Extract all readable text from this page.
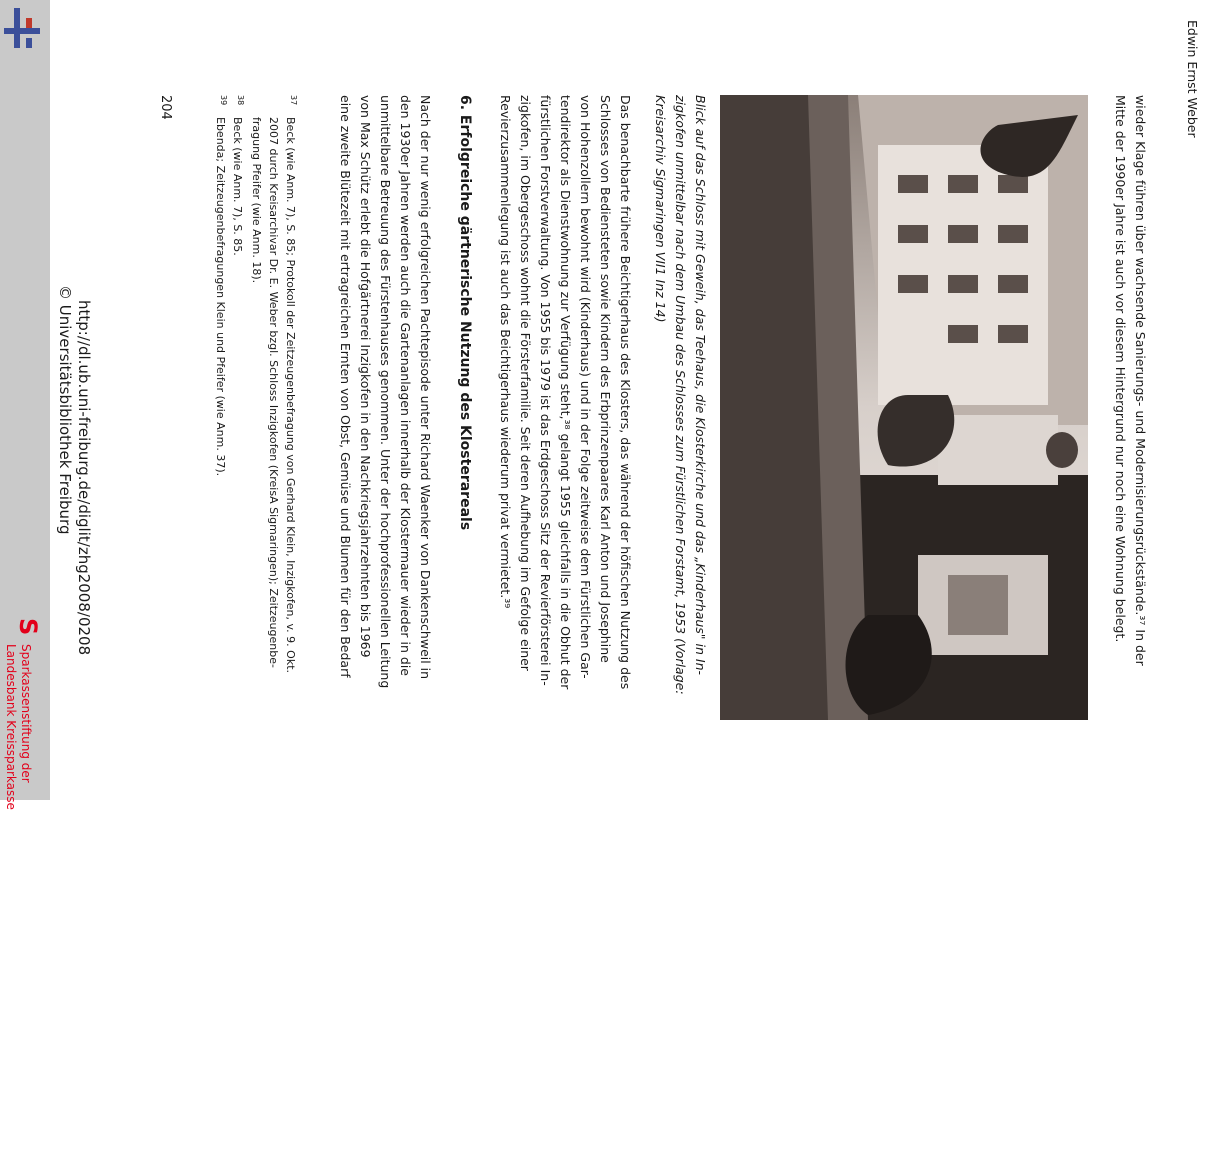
S
Sparkassenstiftung der
Landesbank Kreissparkasse
http://dl.ub.uni-freiburg.de/diglit/zhg2008/0208
© Universitätsbibliothek Freiburg
Edwin Ernst Weber
wieder Klage führen über wachsende Sanierungs- und Modernisierungsrückstände.³⁷ In der
Mitte der 1990er Jahre ist auch vor diesem Hintergrund nur noch eine Wohnung belegt.
Blick auf das Schloss mit Geweih, das Teehaus, die Klosterkirche und das „Kinderhaus" in In-
zigkofen unmittelbar nach dem Umbau des Schlosses zum Fürstlichen Forstamt, 1953 (Vorlage:
Kreisarchiv Sigmaringen VII1 Inz 14)
Das benachbarte frühere Beichtigerhaus des Klosters, das während der höfischen Nutzung des
Schlosses von Bediensteten sowie Kindern des Erbprinzenpaares Karl Anton und Josephine
von Hohenzollern bewohnt wird (Kinderhaus) und in der Folge zeitweise dem Fürstlichen Gar-
tendirektor als Dienstwohnung zur Verfügung steht,³⁸ gelangt 1955 gleichfalls in die Obhut der
fürstlichen Forstverwaltung. Von 1955 bis 1979 ist das Erdgeschoss Sitz der Revierförsterei In-
zigkofen, im Obergeschoss wohnt die Försterfamilie. Seit deren Aufhebung im Gefolge einer
Revierzusammenlegung ist auch das Beichtigerhaus wiederum privat vermietet.³⁹
6. Erfolgreiche gärtnerische Nutzung des Klosterareals
Nach der nur wenig erfolgreichen Pachtepisode unter Richard Waenker von Dankenschweil in
den 1930er Jahren werden auch die Gartenanlagen innerhalb der Klostermauer wieder in die
unmittelbare Betreuung des Fürstenhauses genommen. Unter der hochprofessionellen Leitung
von Max Schütz erlebt die Hofgärtnerei Inzigkofen in den Nachkriegsjahrzehnten bis 1969
eine zweite Blütezeit mit ertragreichen Ernten von Obst, Gemüse und Blumen für den Bedarf
37
Beck (wie Anm. 7), S. 85; Protokoll der Zeitzeugenbefragung von Gerhard Klein, Inzigkofen, v. 9. Okt.
2007 durch Kreisarchivar Dr. E. Weber bzgl. Schloss Inzigkofen (KreisA Sigmaringen); Zeitzeugenbe-
fragung Pfeifer (wie Anm. 18).
38
Beck (wie Anm. 7), S. 85.
39
Ebenda; Zeitzeugenbefragungen Klein und Pfeifer (wie Anm. 37).
204
